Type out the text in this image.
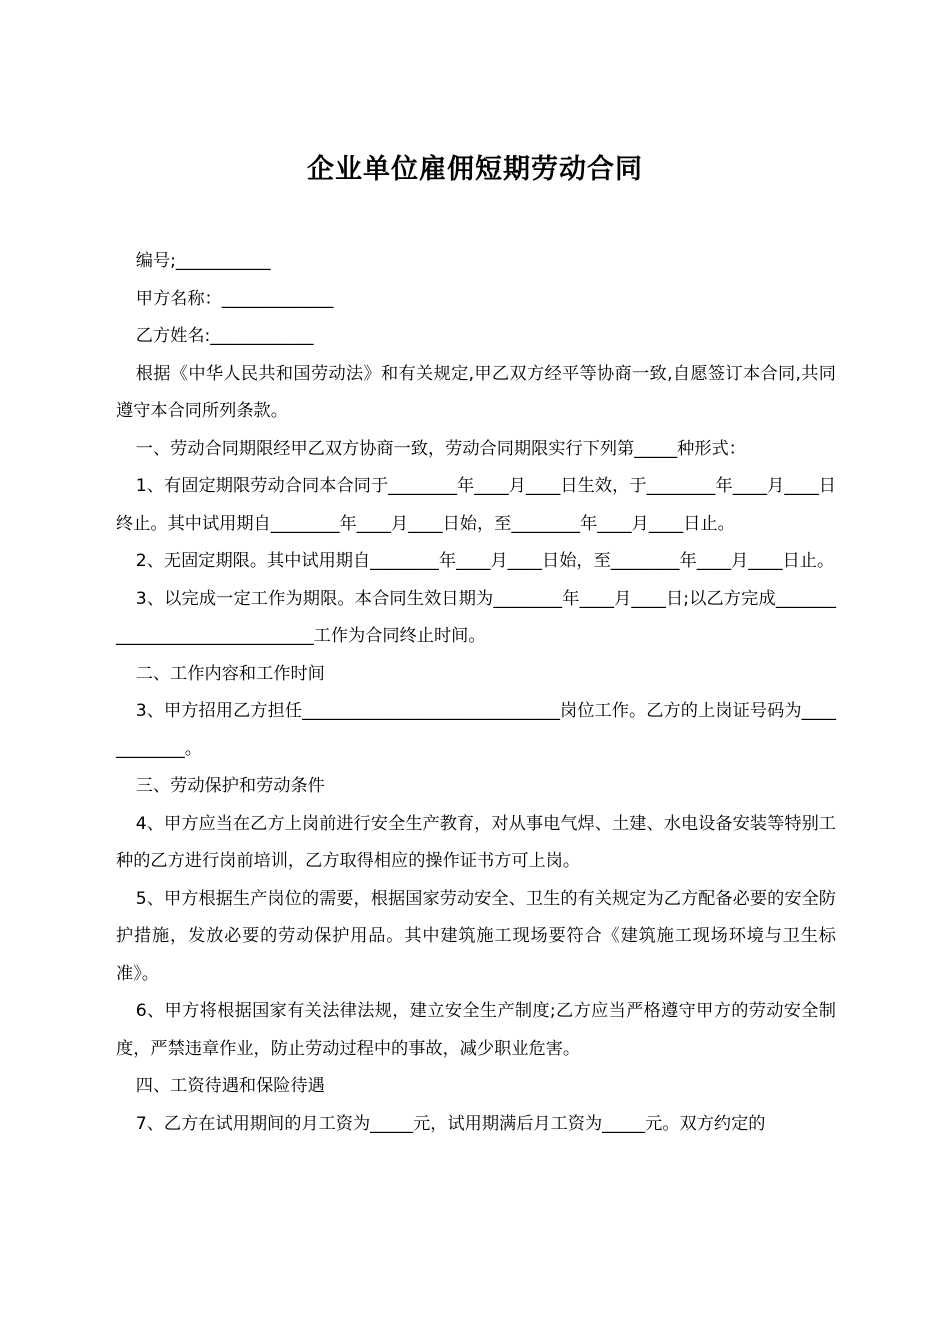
企业单位雇佣短期劳动合同

编号;___________

甲方名称：_____________

乙方姓名:____________

根据《中华人民共和国劳动法》和有关规定,甲乙双方经平等协商一致,自愿签订本合同,共同遵守本合同所列条款。

一、劳动合同期限经甲乙双方协商一致，劳动合同期限实行下列第_____种形式：

1、有固定期限劳动合同本合同于________年____月____日生效，于________年____月____日终止。其中试用期自________年____月____日始，至________年____月____日止。

2、无固定期限。其中试用期自________年____月____日始，至________年____月____日止。

3、以完成一定工作为期限。本合同生效日期为________年____月____日;以乙方完成______________________________工作为合同终止时间。

二、工作内容和工作时间

3、甲方招用乙方担任______________________________岗位工作。乙方的上岗证号码为____________。

三、劳动保护和劳动条件

4、甲方应当在乙方上岗前进行安全生产教育，对从事电气焊、土建、水电设备安装等特别工种的乙方进行岗前培训，乙方取得相应的操作证书方可上岗。

5、甲方根据生产岗位的需要，根据国家劳动安全、卫生的有关规定为乙方配备必要的安全防护措施，发放必要的劳动保护用品。其中建筑施工现场要符合《建筑施工现场环境与卫生标准》。

6、甲方将根据国家有关法律法规，建立安全生产制度;乙方应当严格遵守甲方的劳动安全制度，严禁违章作业，防止劳动过程中的事故，减少职业危害。

四、工资待遇和保险待遇

7、乙方在试用期间的月工资为_____元，试用期满后月工资为_____元。双方约定的
